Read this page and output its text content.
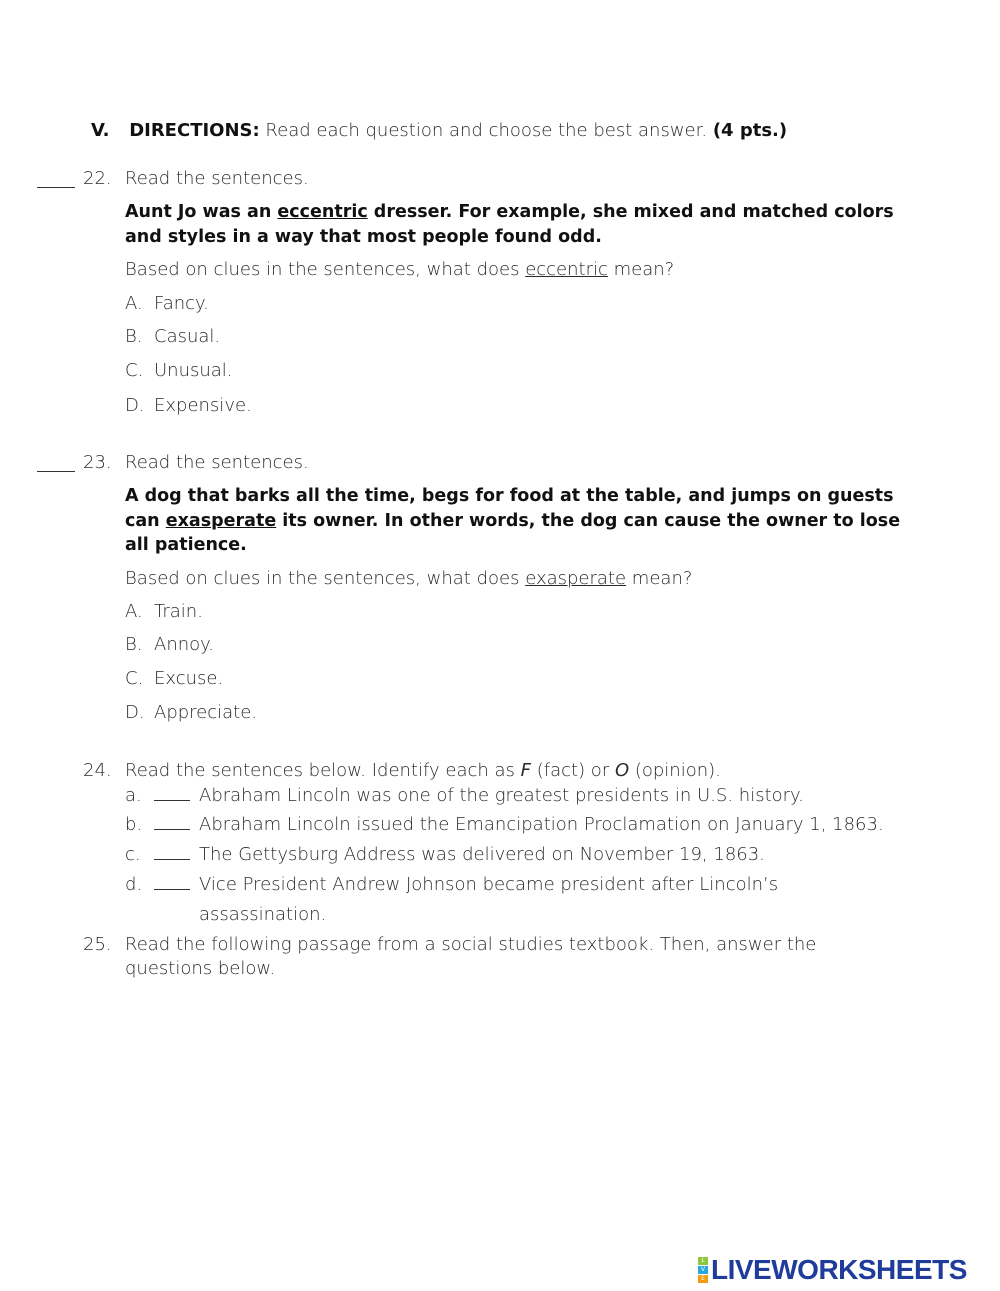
V. DIRECTIONS: Read each question and choose the best answer. (4 pts.)
22. Read the sentences.
Aunt Jo was an eccentric dresser. For example, she mixed and matched colors and styles in a way that most people found odd.
Based on clues in the sentences, what does eccentric mean?
A. Fancy.
B. Casual.
C. Unusual.
D. Expensive.
23. Read the sentences.
A dog that barks all the time, begs for food at the table, and jumps on guests can exasperate its owner. In other words, the dog can cause the owner to lose all patience.
Based on clues in the sentences, what does exasperate mean?
A. Train.
B. Annoy.
C. Excuse.
D. Appreciate.
24. Read the sentences below. Identify each as F (fact) or O (opinion).
a.	Abraham Lincoln was one of the greatest presidents in U.S. history.
b.	Abraham Lincoln issued the Emancipation Proclamation on January 1, 1863.
c.	The Gettysburg Address was delivered on November 19, 1863.
d.	Vice President Andrew Johnson became president after Lincoln’s
assassination.
25. Read the following passage from a social studies textbook. Then, answer the
questions below.
L
V
E LIVEWORKSHEETS
